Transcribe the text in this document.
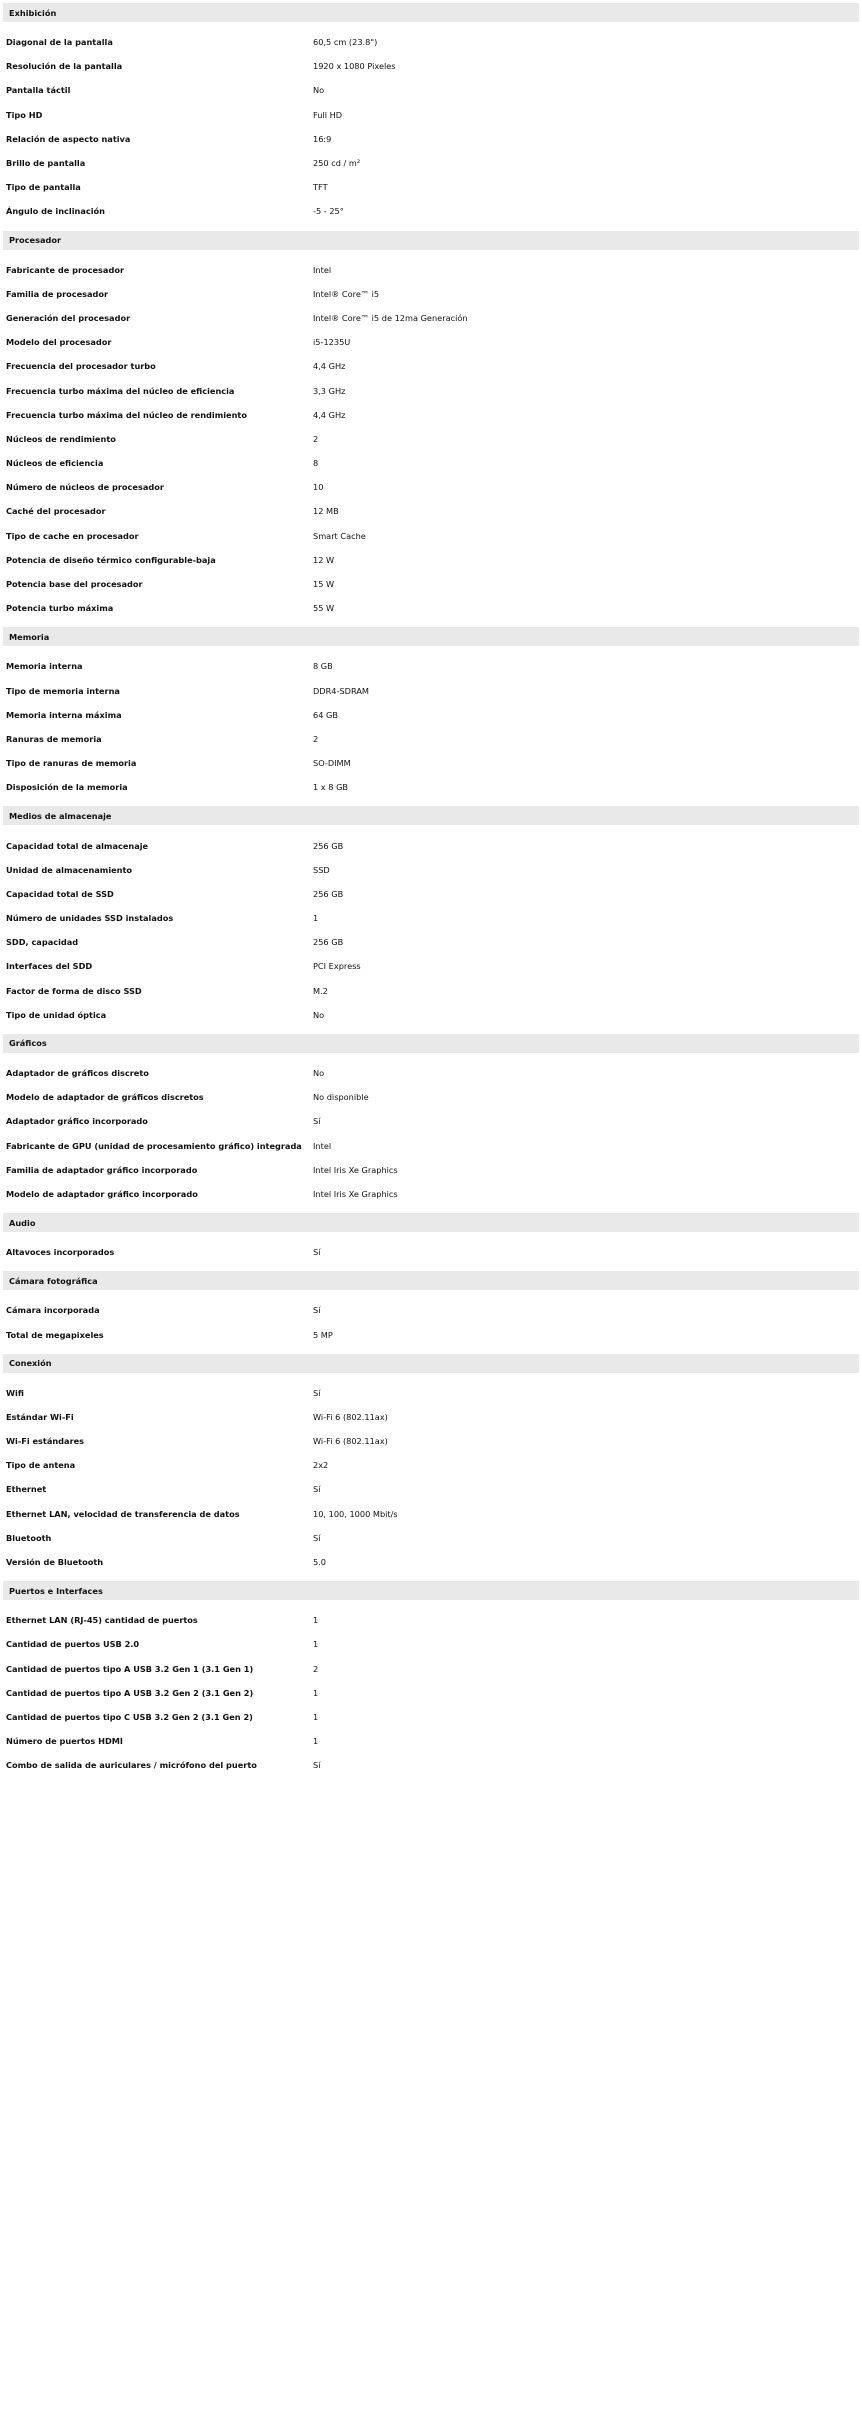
Exhibición
Diagonal de la pantalla	60,5 cm (23.8")
Resolución de la pantalla	1920 x 1080 Pixeles
Pantalla táctil	No
Tipo HD	Full HD
Relación de aspecto nativa	16:9
Brillo de pantalla	250 cd / m²
Tipo de pantalla	TFT
Ángulo de inclinación	-5 - 25°
Procesador
Fabricante de procesador	Intel
Familia de procesador	Intel® Core™ i5
Generación del procesador	Intel® Core™ i5 de 12ma Generación
Modelo del procesador	i5-1235U
Frecuencia del procesador turbo	4,4 GHz
Frecuencia turbo máxima del núcleo de eficiencia	3,3 GHz
Frecuencia turbo máxima del núcleo de rendimiento	4,4 GHz
Núcleos de rendimiento	2
Núcleos de eficiencia	8
Número de núcleos de procesador	10
Caché del procesador	12 MB
Tipo de cache en procesador	Smart Cache
Potencia de diseño térmico configurable-baja	12 W
Potencia base del procesador	15 W
Potencia turbo máxima	55 W
Memoria
Memoria interna	8 GB
Tipo de memoria interna	DDR4-SDRAM
Memoria interna máxima	64 GB
Ranuras de memoria	2
Tipo de ranuras de memoria	SO-DIMM
Disposición de la memoria	1 x 8 GB
Medios de almacenaje
Capacidad total de almacenaje	256 GB
Unidad de almacenamiento	SSD
Capacidad total de SSD	256 GB
Número de unidades SSD instalados	1
SDD, capacidad	256 GB
Interfaces del SDD	PCI Express
Factor de forma de disco SSD	M.2
Tipo de unidad óptica	No
Gráficos
Adaptador de gráficos discreto	No
Modelo de adaptador de gráficos discretos	No disponible
Adaptador gráfico incorporado	Sí
Fabricante de GPU (unidad de procesamiento gráfico) integrada	Intel
Familia de adaptador gráfico incorporado	Intel Iris Xe Graphics
Modelo de adaptador gráfico incorporado	Intel Iris Xe Graphics
Audio
Altavoces incorporados	Sí
Cámara fotográfica
Cámara incorporada	Sí
Total de megapixeles	5 MP
Conexión
Wifi	Sí
Estándar Wi-Fi	Wi-Fi 6 (802.11ax)
Wi-Fi estándares	Wi-Fi 6 (802.11ax)
Tipo de antena	2x2
Ethernet	Sí
Ethernet LAN, velocidad de transferencia de datos	10, 100, 1000 Mbit/s
Bluetooth	Sí
Versión de Bluetooth	5.0
Puertos e Interfaces
Ethernet LAN (RJ-45) cantidad de puertos	1
Cantidad de puertos USB 2.0	1
Cantidad de puertos tipo A USB 3.2 Gen 1 (3.1 Gen 1)	2
Cantidad de puertos tipo A USB 3.2 Gen 2 (3.1 Gen 2)	1
Cantidad de puertos tipo C USB 3.2 Gen 2 (3.1 Gen 2)	1
Número de puertos HDMI	1
Combo de salida de auriculares / micrófono del puerto	Sí
